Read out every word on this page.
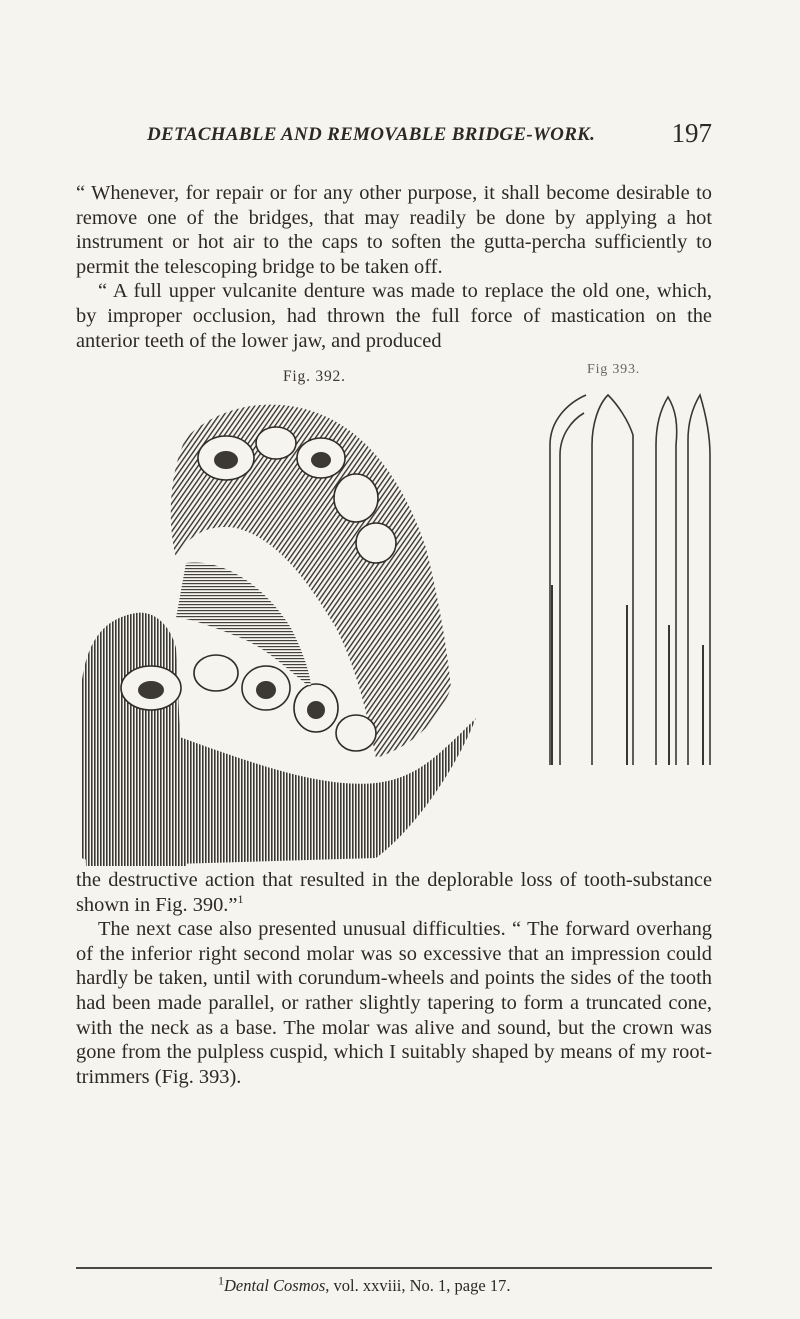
DETACHABLE AND REMOVABLE BRIDGE-WORK.	197

“ Whenever, for repair or for any other purpose, it shall become desirable to remove one of the bridges, that may readily be done by applying a hot instrument or hot air to the caps to soften the gutta-percha sufficiently to permit the telescoping bridge to be taken off.

“ A full upper vulcanite denture was made to replace the old one, which, by improper occlusion, had thrown the full force of mastication on the anterior teeth of the lower jaw, and produced

Fig. 392.	Fig 393.

the destructive action that resulted in the deplorable loss of tooth-substance shown in Fig. 390.”$^1$

The next case also presented unusual difficulties. “ The forward overhang of the inferior right second molar was so excessive that an impression could hardly be taken, until with corundum-wheels and points the sides of the tooth had been made parallel, or rather slightly tapering to form a truncated cone, with the neck as a base. The molar was alive and sound, but the crown was gone from the pulpless cuspid, which I suitably shaped by means of my root-trimmers (Fig. 393).

$^1$Dental Cosmos, vol. xxviii, No. 1, page 17.
